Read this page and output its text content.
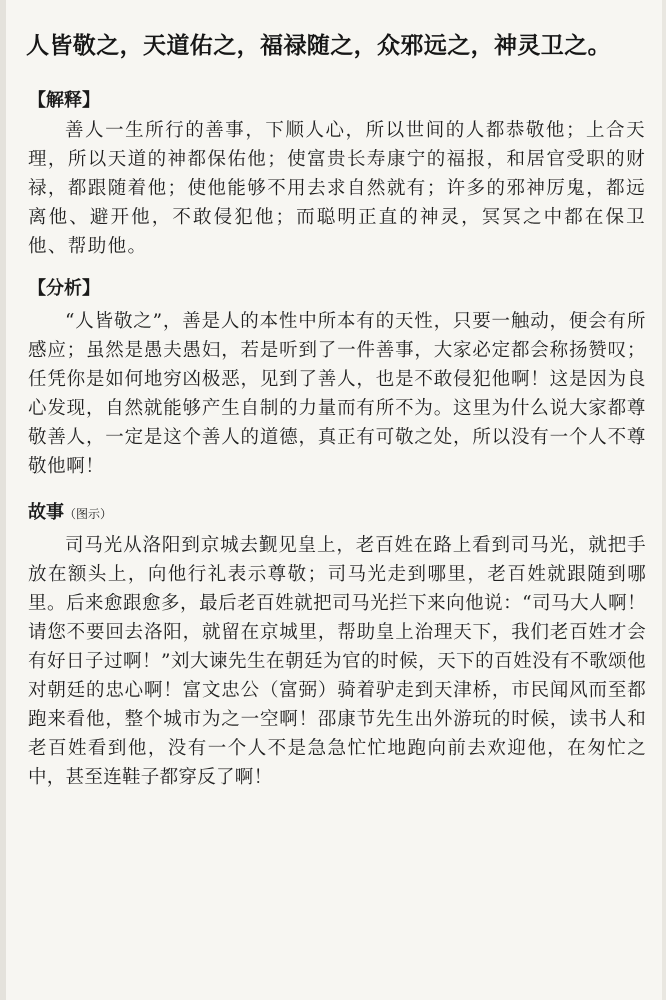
人皆敬之，天道佑之，福禄随之，众邪远之，神灵卫之。
【解释】

善人一生所行的善事，下顺人心，所以世间的人都恭敬他；上合天理，所以天道的神都保佑他；使富贵长寿康宁的福报，和居官受职的财禄，都跟随着他；使他能够不用去求自然就有；许多的邪神厉鬼，都远离他、避开他，不敢侵犯他；而聪明正直的神灵，冥冥之中都在保卫他、帮助他。

【分析】

“人皆敬之”，善是人的本性中所本有的天性，只要一触动，便会有所感应；虽然是愚夫愚妇，若是听到了一件善事，大家必定都会称扬赞叹；任凭你是如何地穷凶极恶，见到了善人，也是不敢侵犯他啊！这是因为良心发现，自然就能够产生自制的力量而有所不为。这里为什么说大家都尊敬善人，一定是这个善人的道德，真正有可敬之处，所以没有一个人不尊敬他啊！

故事（图示）

司马光从洛阳到京城去觐见皇上，老百姓在路上看到司马光，就把手放在额头上，向他行礼表示尊敬；司马光走到哪里，老百姓就跟随到哪里。后来愈跟愈多，最后老百姓就把司马光拦下来向他说：“司马大人啊！请您不要回去洛阳，就留在京城里，帮助皇上治理天下，我们老百姓才会有好日子过啊！”刘大谏先生在朝廷为官的时候，天下的百姓没有不歌颂他对朝廷的忠心啊！富文忠公（富弼）骑着驴走到天津桥，市民闻风而至都跑来看他，整个城市为之一空啊！邵康节先生出外游玩的时候，读书人和老百姓看到他，没有一个人不是急急忙忙地跑向前去欢迎他，在匆忙之中，甚至连鞋子都穿反了啊！
